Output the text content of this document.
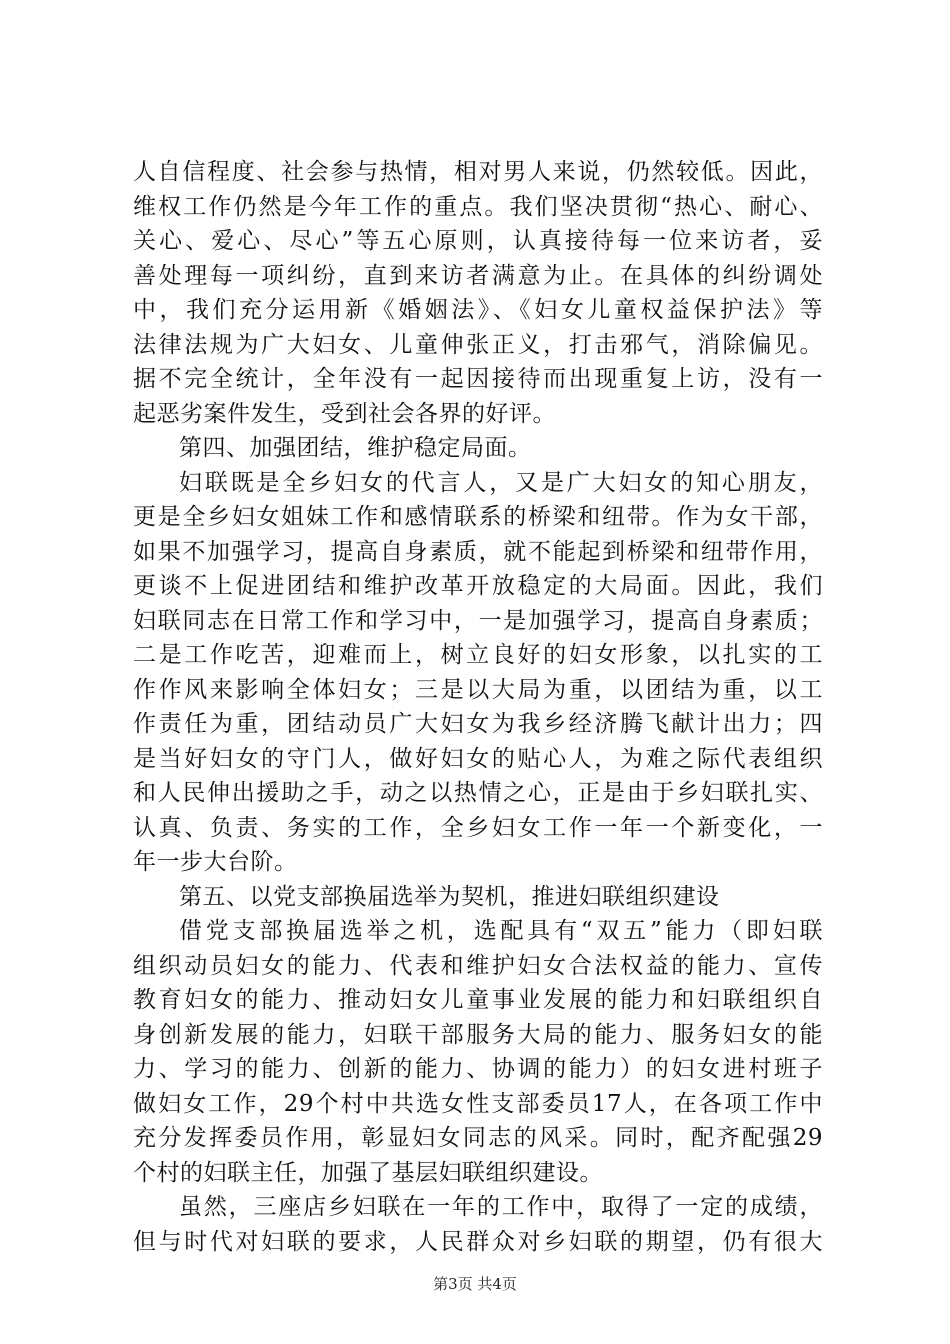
人自信程度、社会参与热情，相对男人来说，仍然较低。因此，
维权工作仍然是今年工作的重点。我们坚决贯彻“热心、耐心、
关心、爱心、尽心”等五心原则，认真接待每一位来访者，妥
善处理每一项纠纷，直到来访者满意为止。在具体的纠纷调处
中，我们充分运用新《婚姻法》、《妇女儿童权益保护法》等
法律法规为广大妇女、儿童伸张正义，打击邪气，消除偏见。
据不完全统计，全年没有一起因接待而出现重复上访，没有一
起恶劣案件发生，受到社会各界的好评。
第四、加强团结，维护稳定局面。
妇联既是全乡妇女的代言人，又是广大妇女的知心朋友，
更是全乡妇女姐妹工作和感情联系的桥梁和纽带。作为女干部，
如果不加强学习，提高自身素质，就不能起到桥梁和纽带作用，
更谈不上促进团结和维护改革开放稳定的大局面。因此，我们
妇联同志在日常工作和学习中，一是加强学习，提高自身素质；
二是工作吃苦，迎难而上，树立良好的妇女形象，以扎实的工
作作风来影响全体妇女；三是以大局为重，以团结为重，以工
作责任为重，团结动员广大妇女为我乡经济腾飞献计出力；四
是当好妇女的守门人，做好妇女的贴心人，为难之际代表组织
和人民伸出援助之手，动之以热情之心，正是由于乡妇联扎实、
认真、负责、务实的工作，全乡妇女工作一年一个新变化，一
年一步大台阶。
第五、以党支部换届选举为契机，推进妇联组织建设
借党支部换届选举之机，选配具有“双五”能力（即妇联
组织动员妇女的能力、代表和维护妇女合法权益的能力、宣传
教育妇女的能力、推动妇女儿童事业发展的能力和妇联组织自
身创新发展的能力，妇联干部服务大局的能力、服务妇女的能
力、学习的能力、创新的能力、协调的能力）的妇女进村班子
做妇女工作，29个村中共选女性支部委员17人，在各项工作中
充分发挥委员作用，彰显妇女同志的风采。同时，配齐配强29
个村的妇联主任，加强了基层妇联组织建设。
虽然，三座店乡妇联在一年的工作中，取得了一定的成绩，
但与时代对妇联的要求，人民群众对乡妇联的期望，仍有很大
第3页 共4页
